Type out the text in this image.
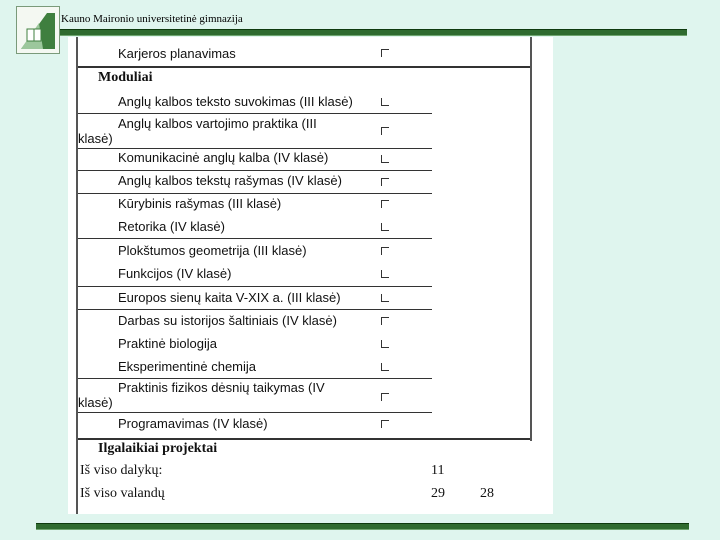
Kauno Maironio universitetinė gimnazija
Karjeros planavimas
Moduliai
Anglų kalbos teksto suvokimas (III klasė)
Anglų kalbos vartojimo praktika (III klasė)
Komunikacinė anglų kalba (IV klasė)
Anglų kalbos tekstų rašymas (IV klasė)
Kūrybinis rašymas (III klasė)
Retorika (IV klasė)
Plokštumos geometrija (III klasė)
Funkcijos (IV klasė)
Europos sienų kaita V-XIX a. (III klasė)
Darbas su istorijos šaltiniais (IV klasė)
Praktinė biologija
Eksperimentinė chemija
Praktinis fizikos dėsnių taikymas (IV klasė)
Programavimas (IV klasė)
Ilgalaikiai projektai
Iš viso dalykų:	11
Iš viso valandų	29	28
